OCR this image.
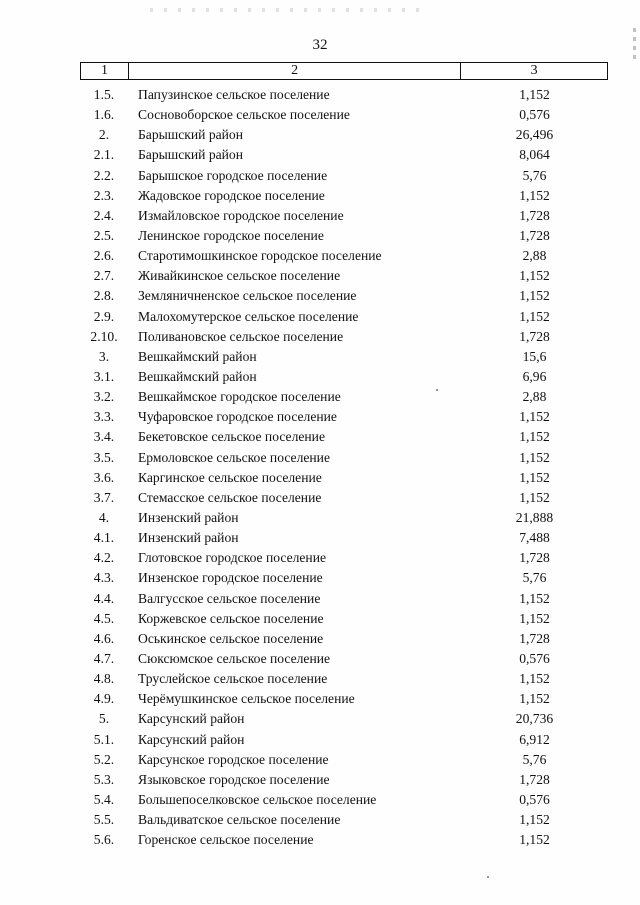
32
1	2	3
1.5.	Папузинское сельское поселение	1,152
1.6.	Сосновоборское сельское поселение	0,576
2.	Барышский район	26,496
2.1.	Барышский район	8,064
2.2.	Барышское городское поселение	5,76
2.3.	Жадовское городское поселение	1,152
2.4.	Измайловское городское поселение	1,728
2.5.	Ленинское городское поселение	1,728
2.6.	Старотимошкинское городское поселение	2,88
2.7.	Живайкинское сельское поселение	1,152
2.8.	Земляничненское сельское поселение	1,152
2.9.	Малохомутерское сельское поселение	1,152
2.10.	Поливановское сельское поселение	1,728
3.	Вешкаймский район	15,6
3.1.	Вешкаймский район	6,96
3.2.	Вешкаймское городское поселение	2,88
3.3.	Чуфаровское городское поселение	1,152
3.4.	Бекетовское сельское поселение	1,152
3.5.	Ермоловское сельское поселение	1,152
3.6.	Каргинское сельское поселение	1,152
3.7.	Стемасское сельское поселение	1,152
4.	Инзенский район	21,888
4.1.	Инзенский район	7,488
4.2.	Глотовское городское поселение	1,728
4.3.	Инзенское городское поселение	5,76
4.4.	Валгусское сельское поселение	1,152
4.5.	Коржевское сельское поселение	1,152
4.6.	Оськинское сельское поселение	1,728
4.7.	Сюксюмское сельское поселение	0,576
4.8.	Труслейское сельское поселение	1,152
4.9.	Черёмушкинское сельское поселение	1,152
5.	Карсунский район	20,736
5.1.	Карсунский район	6,912
5.2.	Карсунское городское поселение	5,76
5.3.	Языковское городское поселение	1,728
5.4.	Большепоселковское сельское поселение	0,576
5.5.	Вальдиватское сельское поселение	1,152
5.6.	Горенское сельское поселение	1,152
